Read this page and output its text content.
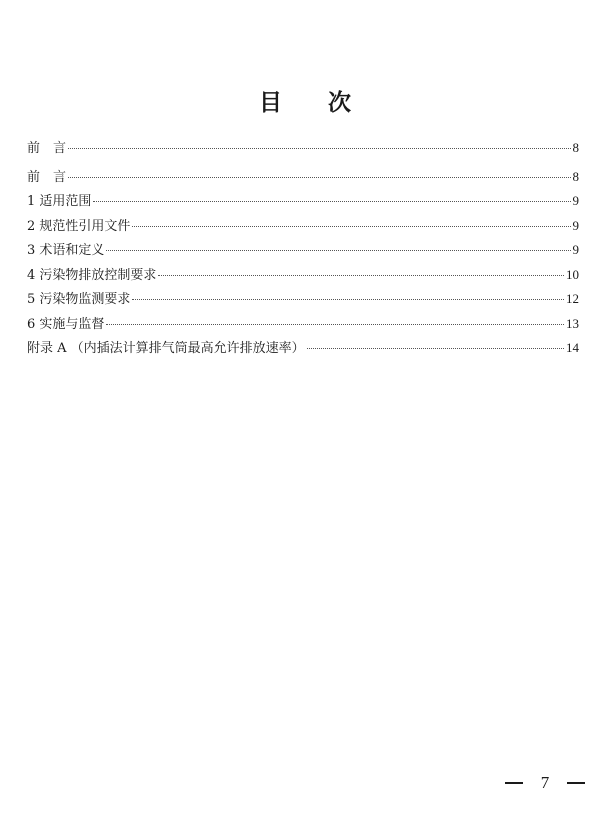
目　　次
前　言	8
前　言	8
1 适用范围	9
2 规范性引用文件	9
3 术语和定义	9
4 污染物排放控制要求	10
5 污染物监测要求	12
6 实施与监督	13
附录 A （内插法计算排气筒最高允许排放速率）	14
7
